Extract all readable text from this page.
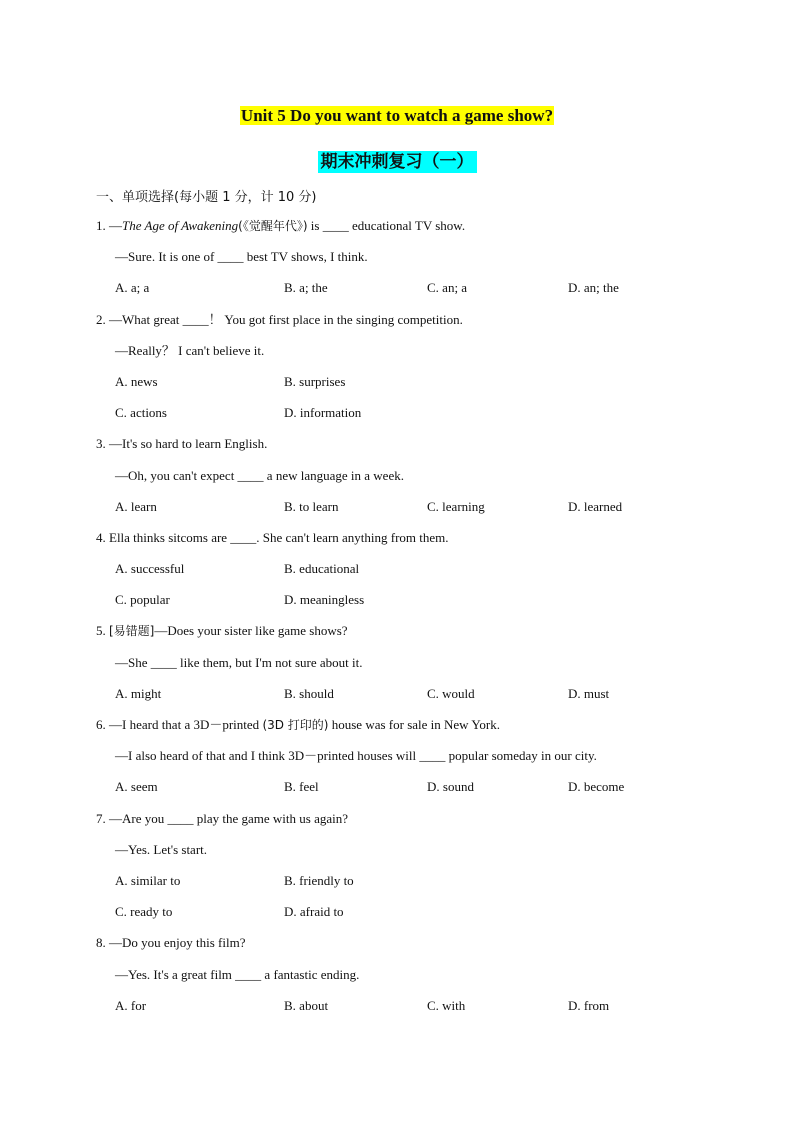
Unit 5 Do you want to watch a game show?
期末冲刺复习（一）
一、单项选择(每小题 1 分，计 10 分)
1. —The Age of Awakening(《觉醒年代》) is ____ educational TV show.
—Sure. It is one of ____ best TV shows, I think.
A. a; a	B. a; the	C. an; a	D. an; the
2. —What great ____！ You got first place in the singing competition.
—Really？ I can't believe it.
A. news	B. surprises
C. actions	D. information
3. —It's so hard to learn English.
—Oh, you can't expect ____ a new language in a week.
A. learn	B. to learn	C. learning	D. learned
4. Ella thinks sitcoms are ____. She can't learn anything from them.
A. successful	B. educational
C. popular	D. meaningless
5. [易错题]—Does your sister like game shows?
—She ____ like them, but I'm not sure about it.
A. might	B. should	C. would	D. must
6. —I heard that a 3D－printed (3D 打印的) house was for sale in New York.
—I also heard of that and I think 3D－printed houses will ____ popular someday in our city.
A. seem	B. feel	D. sound	D. become
7. —Are you ____ play the game with us again?
—Yes. Let's start.
A. similar to	B. friendly to
C. ready to	D. afraid to
8. —Do you enjoy this film?
—Yes. It's a great film ____ a fantastic ending.
A. for	B. about	C. with	D. from
